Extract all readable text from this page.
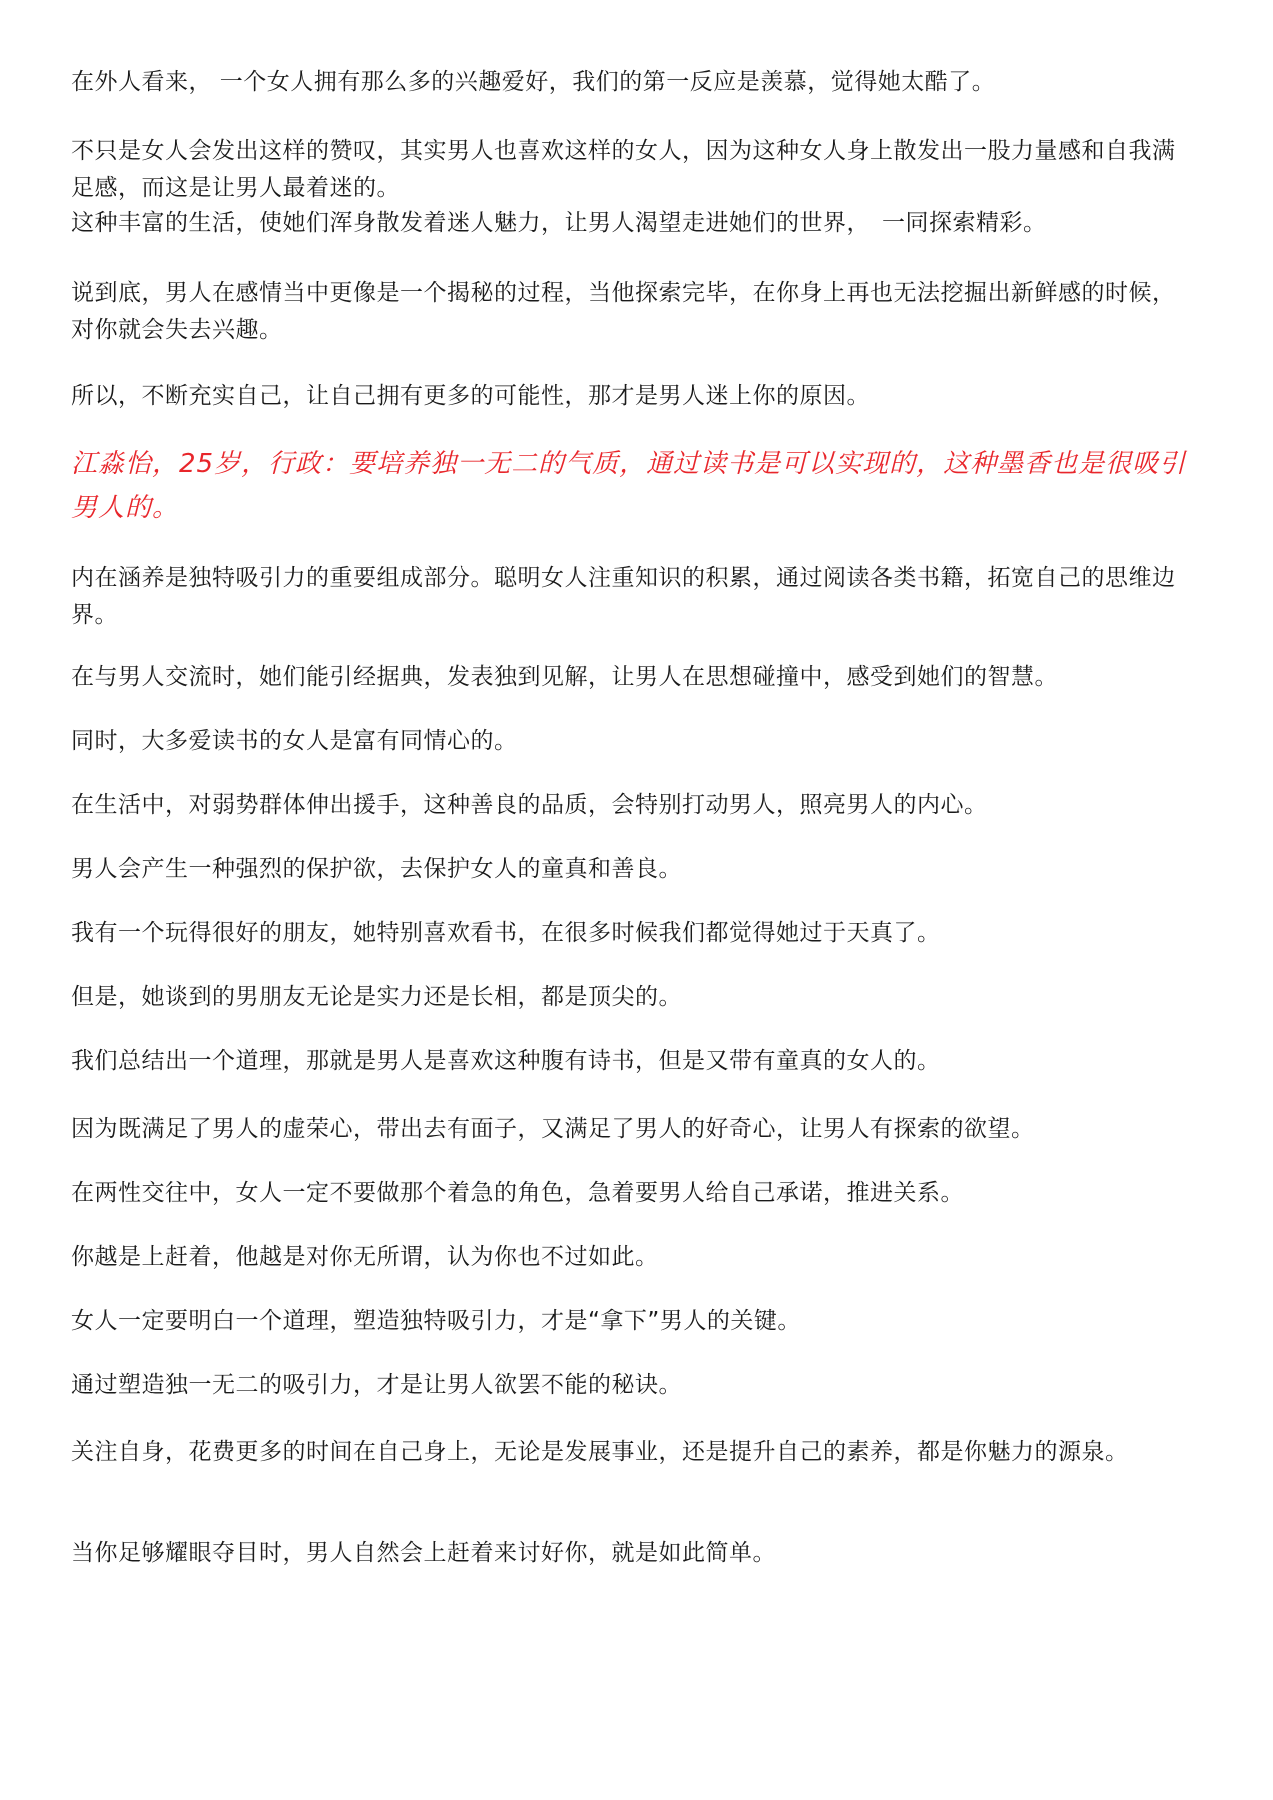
在外人看来， 一个女人拥有那么多的兴趣爱好，我们的第一反应是羡慕，觉得她太酷了。

不只是女人会发出这样的赞叹，其实男人也喜欢这样的女人，因为这种女人身上散发出一股力量感和自我满足感，而这是让男人最着迷的。

这种丰富的生活，使她们浑身散发着迷人魅力，让男人渴望走进她们的世界，　一同探索精彩。

说到底，男人在感情当中更像是一个揭秘的过程，当他探索完毕，在你身上再也无法挖掘出新鲜感的时候，对你就会失去兴趣。

所以，不断充实自己，让自己拥有更多的可能性，那才是男人迷上你的原因。

江淼怡，25岁，行政：要培养独一无二的气质，通过读书是可以实现的，这种墨香也是很吸引男人的。

内在涵养是独特吸引力的重要组成部分。聪明女人注重知识的积累，通过阅读各类书籍，拓宽自己的思维边界。

在与男人交流时，她们能引经据典，发表独到见解，让男人在思想碰撞中，感受到她们的智慧。

同时，大多爱读书的女人是富有同情心的。

在生活中，对弱势群体伸出援手，这种善良的品质，会特别打动男人，照亮男人的内心。

男人会产生一种强烈的保护欲，去保护女人的童真和善良。

我有一个玩得很好的朋友，她特别喜欢看书，在很多时候我们都觉得她过于天真了。

但是，她谈到的男朋友无论是实力还是长相，都是顶尖的。

我们总结出一个道理，那就是男人是喜欢这种腹有诗书，但是又带有童真的女人的。

因为既满足了男人的虚荣心，带出去有面子，又满足了男人的好奇心，让男人有探索的欲望。

在两性交往中，女人一定不要做那个着急的角色，急着要男人给自己承诺，推进关系。

你越是上赶着，他越是对你无所谓，认为你也不过如此。

女人一定要明白一个道理，塑造独特吸引力，才是“拿下”男人的关键。

通过塑造独一无二的吸引力，才是让男人欲罢不能的秘诀。

关注自身，花费更多的时间在自己身上，无论是发展事业，还是提升自己的素养，都是你魅力的源泉。

当你足够耀眼夺目时，男人自然会上赶着来讨好你，就是如此简单。
